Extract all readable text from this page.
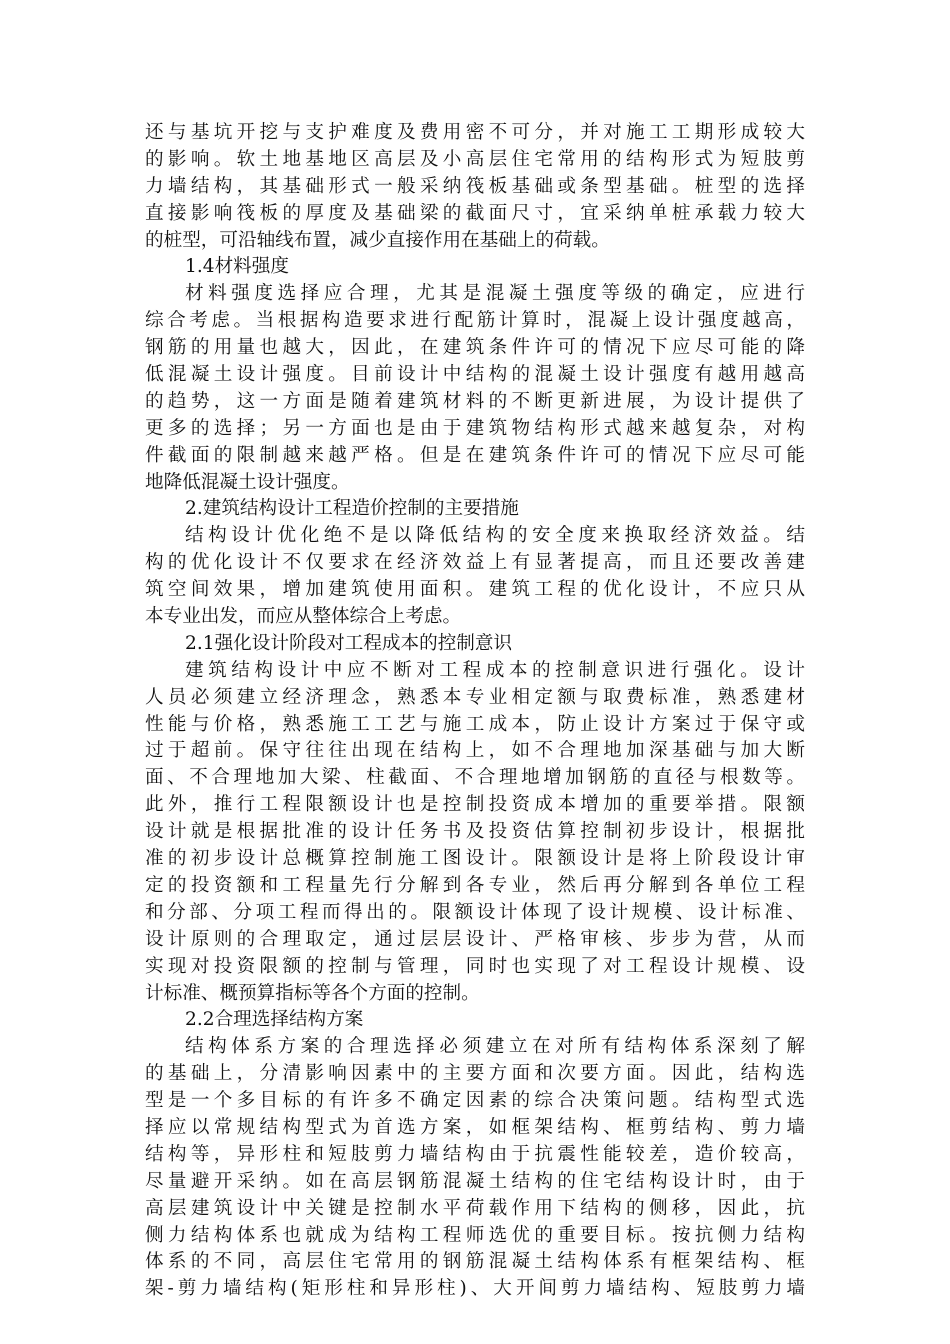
还与基坑开挖与支护难度及费用密不可分，并对施工工期形成较大
的影响。软土地基地区高层及小高层住宅常用的结构形式为短肢剪
力墙结构，其基础形式一般采纳筏板基础或条型基础。桩型的选择
直接影响筏板的厚度及基础梁的截面尺寸，宜采纳单桩承载力较大
的桩型，可沿轴线布置，减少直接作用在基础上的荷载。
1.4材料强度
材料强度选择应合理，尤其是混凝土强度等级的确定，应进行
综合考虑。当根据构造要求进行配筋计算时，混凝上设计强度越高，
钢筋的用量也越大，因此，在建筑条件许可的情况下应尽可能的降
低混凝土设计强度。目前设计中结构的混凝土设计强度有越用越高
的趋势，这一方面是随着建筑材料的不断更新进展，为设计提供了
更多的选择；另一方面也是由于建筑物结构形式越来越复杂，对构
件截面的限制越来越严格。但是在建筑条件许可的情况下应尽可能
地降低混凝土设计强度。
2.建筑结构设计工程造价控制的主要措施
结构设计优化绝不是以降低结构的安全度来换取经济效益。结
构的优化设计不仅要求在经济效益上有显著提高，而且还要改善建
筑空间效果，增加建筑使用面积。建筑工程的优化设计，不应只从
本专业出发，而应从整体综合上考虑。
2.1强化设计阶段对工程成本的控制意识
建筑结构设计中应不断对工程成本的控制意识进行强化。设计
人员必须建立经济理念，熟悉本专业相定额与取费标准，熟悉建材
性能与价格，熟悉施工工艺与施工成本，防止设计方案过于保守或
过于超前。保守往往出现在结构上，如不合理地加深基础与加大断
面、不合理地加大梁、柱截面、不合理地增加钢筋的直径与根数等。
此外，推行工程限额设计也是控制投资成本增加的重要举措。限额
设计就是根据批准的设计任务书及投资估算控制初步设计，根据批
准的初步设计总概算控制施工图设计。限额设计是将上阶段设计审
定的投资额和工程量先行分解到各专业，然后再分解到各单位工程
和分部、分项工程而得出的。限额设计体现了设计规模、设计标准、
设计原则的合理取定，通过层层设计、严格审核、步步为营，从而
实现对投资限额的控制与管理，同时也实现了对工程设计规模、设
计标准、概预算指标等各个方面的控制。
2.2合理选择结构方案
结构体系方案的合理选择必须建立在对所有结构体系深刻了解
的基础上，分清影响因素中的主要方面和次要方面。因此，结构选
型是一个多目标的有许多不确定因素的综合决策问题。结构型式选
择应以常规结构型式为首选方案，如框架结构、框剪结构、剪力墙
结构等，异形柱和短肢剪力墙结构由于抗震性能较差，造价较高，
尽量避开采纳。如在高层钢筋混凝土结构的住宅结构设计时，由于
高层建筑设计中关键是控制水平荷载作用下结构的侧移，因此，抗
侧力结构体系也就成为结构工程师选优的重要目标。按抗侧力结构
体系的不同，高层住宅常用的钢筋混凝土结构体系有框架结构、框
架-剪力墙结构(矩形柱和异形柱)、大开间剪力墙结构、短肢剪力墙
